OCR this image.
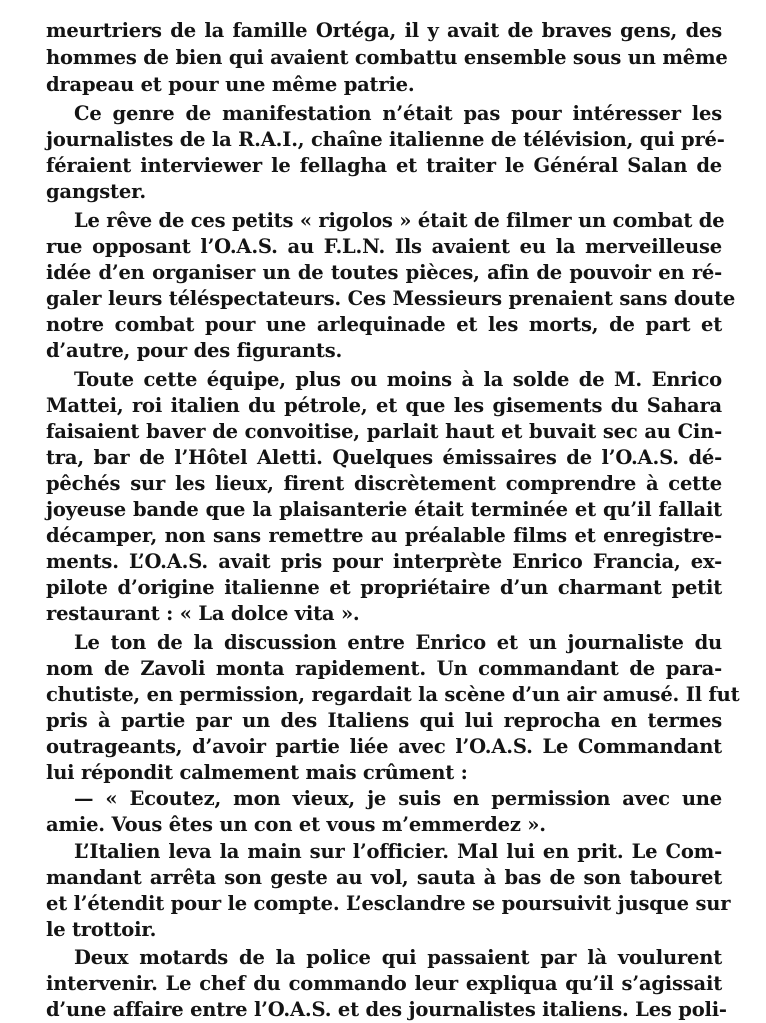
meurtriers de la famille Ortéga, il y avait de braves gens, des
hommes de bien qui avaient combattu ensemble sous un même
drapeau et pour une même patrie.
Ce genre de manifestation n’était pas pour intéresser les
journalistes de la R.A.I., chaîne italienne de télévision, qui pré-
féraient interviewer le fellagha et traiter le Général Salan de
gangster.
Le rêve de ces petits « rigolos » était de filmer un combat de
rue opposant l’O.A.S. au F.L.N. Ils avaient eu la merveilleuse
idée d’en organiser un de toutes pièces, afin de pouvoir en ré-
galer leurs téléspectateurs. Ces Messieurs prenaient sans doute
notre combat pour une arlequinade et les morts, de part et
d’autre, pour des figurants.
Toute cette équipe, plus ou moins à la solde de M. Enrico
Mattei, roi italien du pétrole, et que les gisements du Sahara
faisaient baver de convoitise, parlait haut et buvait sec au Cin-
tra, bar de l’Hôtel Aletti. Quelques émissaires de l’O.A.S. dé-
pêchés sur les lieux, firent discrètement comprendre à cette
joyeuse bande que la plaisanterie était terminée et qu’il fallait
décamper, non sans remettre au préalable films et enregistre-
ments. L’O.A.S. avait pris pour interprète Enrico Francia, ex-
pilote d’origine italienne et propriétaire d’un charmant petit
restaurant : « La dolce vita ».
Le ton de la discussion entre Enrico et un journaliste du
nom de Zavoli monta rapidement. Un commandant de para-
chutiste, en permission, regardait la scène d’un air amusé. Il fut
pris à partie par un des Italiens qui lui reprocha en termes
outrageants, d’avoir partie liée avec l’O.A.S. Le Commandant
lui répondit calmement mais crûment :
— « Ecoutez, mon vieux, je suis en permission avec une
amie. Vous êtes un con et vous m’emmerdez ».
L’Italien leva la main sur l’officier. Mal lui en prit. Le Com-
mandant arrêta son geste au vol, sauta à bas de son tabouret
et l’étendit pour le compte. L’esclandre se poursuivit jusque sur
le trottoir.
Deux motards de la police qui passaient par là voulurent
intervenir. Le chef du commando leur expliqua qu’il s’agissait
d’une affaire entre l’O.A.S. et des journalistes italiens. Les poli-
